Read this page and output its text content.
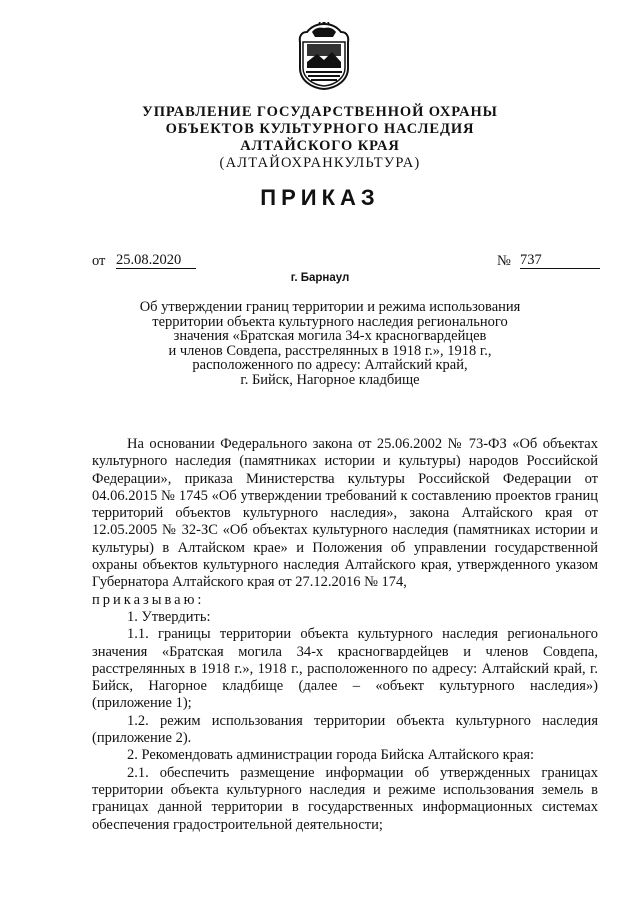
УПРАВЛЕНИЕ ГОСУДАРСТВЕННОЙ ОХРАНЫ
ОБЪЕКТОВ КУЛЬТУРНОГО НАСЛЕДИЯ
АЛТАЙСКОГО КРАЯ
(АЛТАЙОХРАНКУЛЬТУРА)
ПРИКАЗ
от 25.08.2020	№ 737
г. Барнаул
Об утверждении границ территории и режима использования
территории объекта культурного наследия регионального
значения «Братская могила 34-х красногвардейцев
и членов Совдепа, расстрелянных в 1918 г.», 1918 г.,
расположенного по адресу: Алтайский край,
г. Бийск, Нагорное кладбище

На основании Федерального закона от 25.06.2002 № 73-ФЗ «Об объектах культурного наследия (памятниках истории и культуры) народов Российской Федерации», приказа Министерства культуры Российской Федерации от 04.06.2015 № 1745 «Об утверждении требований к составлению проектов границ территорий объектов культурного наследия», закона Алтайского края от 12.05.2005 № 32-ЗС «Об объектах культурного наследия (памятниках истории и культуры) в Алтайском крае» и Положения об управлении государственной охраны объектов культурного наследия Алтайского края, утвержденного указом Губернатора Алтайского края от 27.12.2016 № 174,

приказываю:

1. Утвердить:

1.1. границы территории объекта культурного наследия регионального значения «Братская могила 34-х красногвардейцев и членов Совдепа, расстрелянных в 1918 г.», 1918 г., расположенного по адресу: Алтайский край, г. Бийск, Нагорное кладбище (далее – «объект культурного наследия») (приложение 1);

1.2. режим использования территории объекта культурного наследия (приложение 2).

2. Рекомендовать администрации города Бийска Алтайского края:

2.1. обеспечить размещение информации об утвержденных границах территории объекта культурного наследия и режиме использования земель в границах данной территории в государственных информационных системах обеспечения градостроительной деятельности;
